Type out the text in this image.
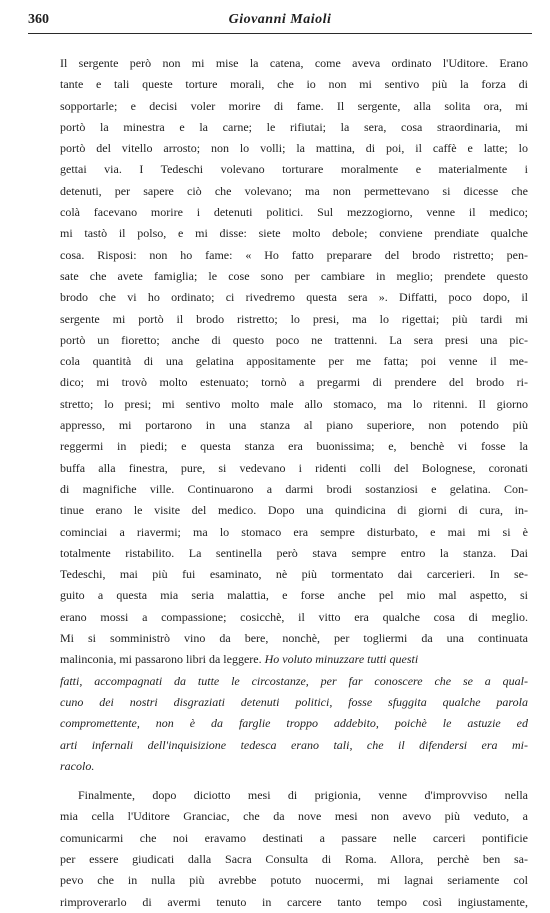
360	Giovanni Maioli
Il sergente però non mi mise la catena, come aveva ordinato l'Uditore. Erano
tante e tali queste torture morali, che io non mi sentivo più la forza di
sopportarle; e decisi voler morire di fame. Il sergente, alla solita ora, mi
portò la minestra e la carne; le rifiutai; la sera, cosa straordinaria, mi
portò del vitello arrosto; non lo volli; la mattina, di poi, il caffè e latte; lo
gettai via. I Tedeschi volevano torturare moralmente e materialmente i
detenuti, per sapere ciò che volevano; ma non permettevano si dicesse che
colà facevano morire i detenuti politici. Sul mezzogiorno, venne il medico;
mi tastò il polso, e mi disse: siete molto debole; conviene prendiate qualche
cosa. Risposi: non ho fame: « Ho fatto preparare del brodo ristretto; pen-
sate che avete famiglia; le cose sono per cambiare in meglio; prendete questo
brodo che vi ho ordinato; ci rivedremo questa sera ». Diffatti, poco dopo, il
sergente mi portò il brodo ristretto; lo presi, ma lo rigettai; più tardi mi
portò un fioretto; anche di questo poco ne trattenni. La sera presi una pic-
cola quantità di una gelatina appositamente per me fatta; poi venne il me-
dico; mi trovò molto estenuato; tornò a pregarmi di prendere del brodo ri-
stretto; lo presi; mi sentivo molto male allo stomaco, ma lo ritenni. Il giorno
appresso, mi portarono in una stanza al piano superiore, non potendo più
reggermi in piedi; e questa stanza era buonissima; e, benchè vi fosse la
buffa alla finestra, pure, si vedevano i ridenti colli del Bolognese, coronati
di magnifiche ville. Continuarono a darmi brodi sostanziosi e gelatina. Con-
tinue erano le visite del medico. Dopo una quindicina di giorni di cura, in-
cominciai a riavermi; ma lo stomaco era sempre disturbato, e mai mi si è
totalmente ristabilito. La sentinella però stava sempre entro la stanza. Dai
Tedeschi, mai più fui esaminato, nè più tormentato dai carcerieri. In se-
guito a questa mia seria malattia, e forse anche pel mio mal aspetto, si
erano mossi a compassione; cosicchè, il vitto era qualche cosa di meglio.
Mi si somministrò vino da bere, nonchè, per togliermi da una continuata
malinconia, mi passarono libri da leggere. Ho voluto minuzzare tutti questi
fatti, accompagnati da tutte le circostanze, per far conoscere che se a qual-
cuno dei nostri disgraziati detenuti politici, fosse sfuggita qualche parola
compromettente, non è da farglie troppo addebito, poichè le astuzie ed
arti infernali dell'inquisizione tedesca erano tali, che il difendersi era mi-
racolo.
Finalmente, dopo diciotto mesi di prigionia, venne d'improvviso nella
mia cella l'Uditore Granciac, che da nove mesi non avevo più veduto, a
comunicarmi che noi eravamo destinati a passare nelle carceri pontificie
per essere giudicati dalla Sacra Consulta di Roma. Allora, perchè ben sa-
pevo che in nulla più avrebbe potuto nuocermi, mi lagnai seriamente col
rimproverarlo di avermi tenuto in carcere tanto tempo così ingiustamente,
